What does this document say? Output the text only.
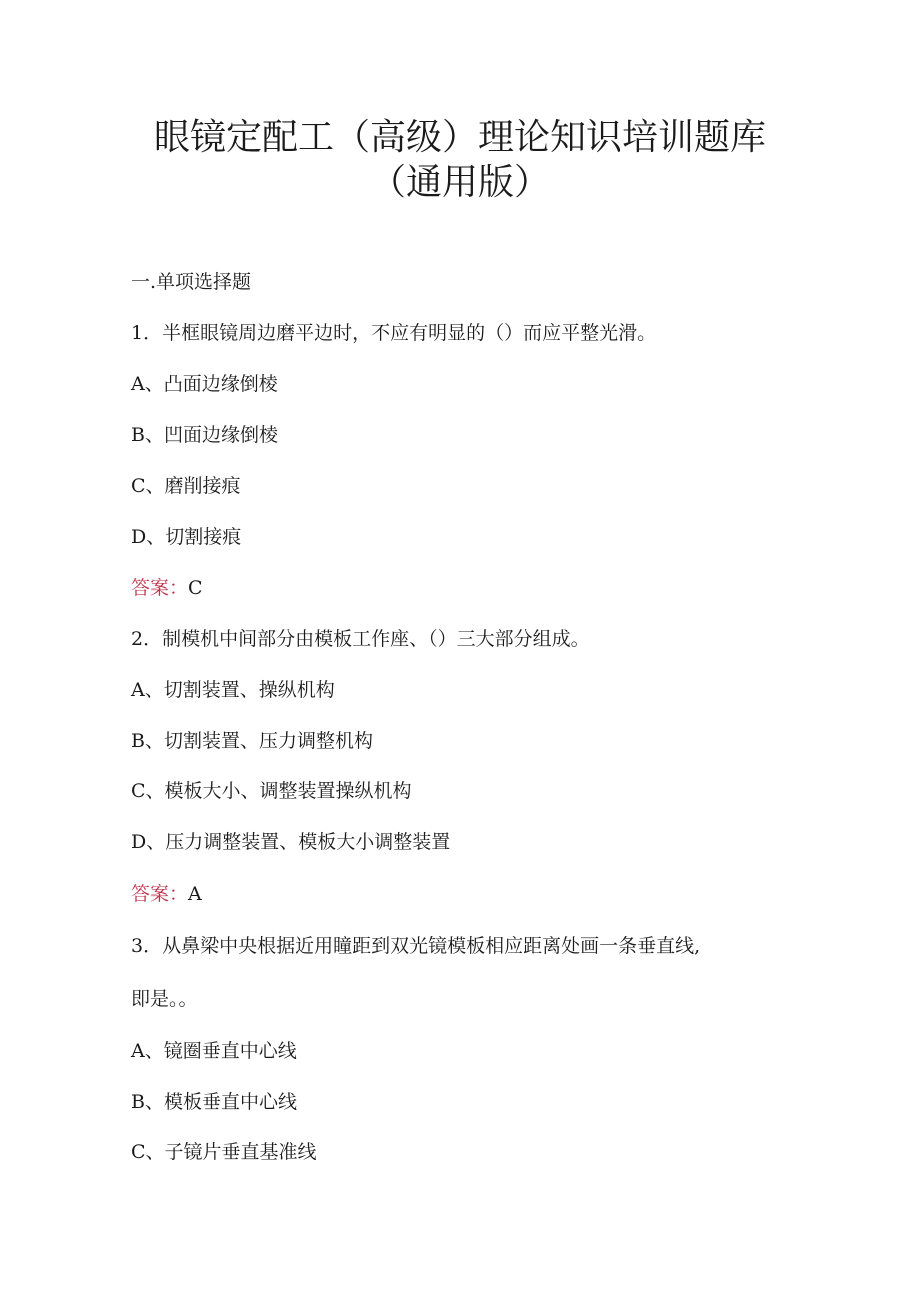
眼镜定配工（高级）理论知识培训题库
（通用版）

一.单项选择题

1．半框眼镜周边磨平边时，不应有明显的（）而应平整光滑。

A、凸面边缘倒棱

B、凹面边缘倒棱

C、磨削接痕

D、切割接痕

答案：C

2．制模机中间部分由模板工作座、（）三大部分组成。

A、切割装置、操纵机构

B、切割装置、压力调整机构

C、模板大小、调整装置操纵机构

D、压力调整装置、模板大小调整装置

答案：A

3．从鼻梁中央根据近用瞳距到双光镜模板相应距离处画一条垂直线,

即是。。

A、镜圈垂直中心线

B、模板垂直中心线

C、子镜片垂直基准线
